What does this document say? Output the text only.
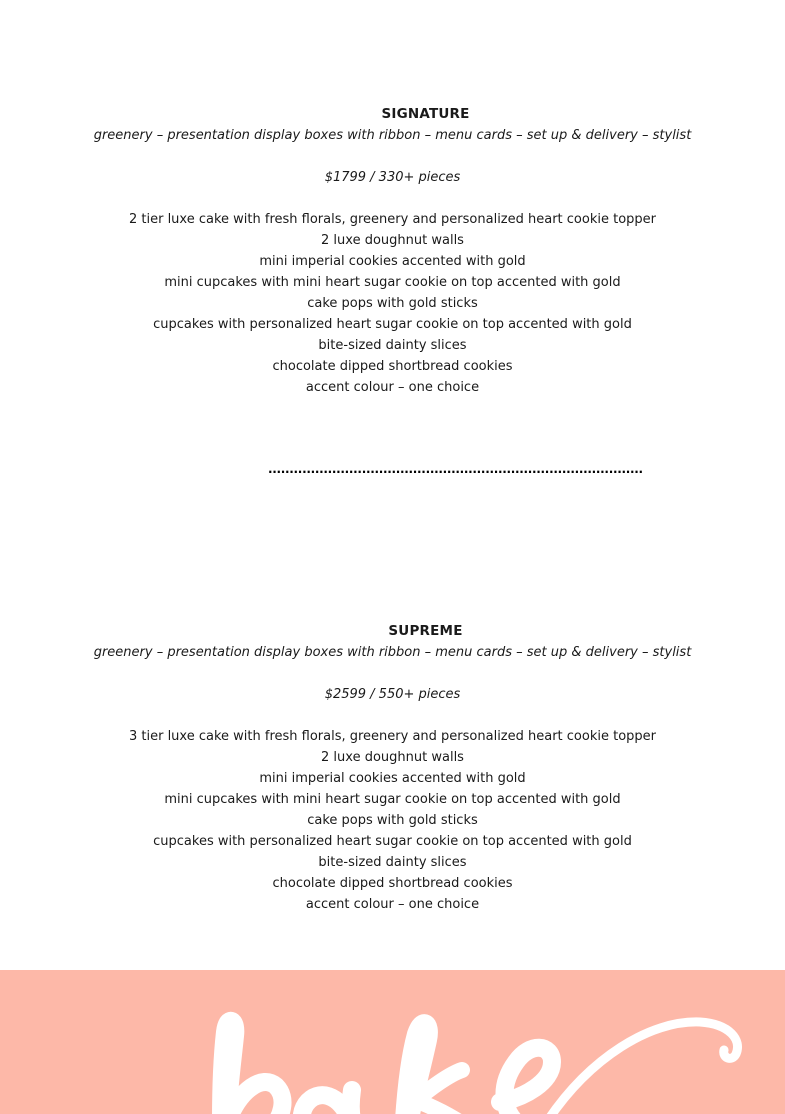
SIGNATURE

greenery – presentation display boxes with ribbon – menu cards – set up & delivery – stylist

$1799 / 330+ pieces

2 tier luxe cake with fresh florals, greenery and personalized heart cookie topper
2 luxe doughnut walls
mini imperial cookies accented with gold
mini cupcakes with mini heart sugar cookie on top accented with gold
cake pops with gold sticks
cupcakes with personalized heart sugar cookie on top accented with gold
bite-sized dainty slices
chocolate dipped shortbread cookies
accent colour – one choice
........................................................................................
SUPREME

greenery – presentation display boxes with ribbon – menu cards – set up & delivery – stylist

$2599 / 550+ pieces

3 tier luxe cake with fresh florals, greenery and personalized heart cookie topper
2 luxe doughnut walls
mini imperial cookies accented with gold
mini cupcakes with mini heart sugar cookie on top accented with gold
cake pops with gold sticks
cupcakes with personalized heart sugar cookie on top accented with gold
bite-sized dainty slices
chocolate dipped shortbread cookies
accent colour – one choice
